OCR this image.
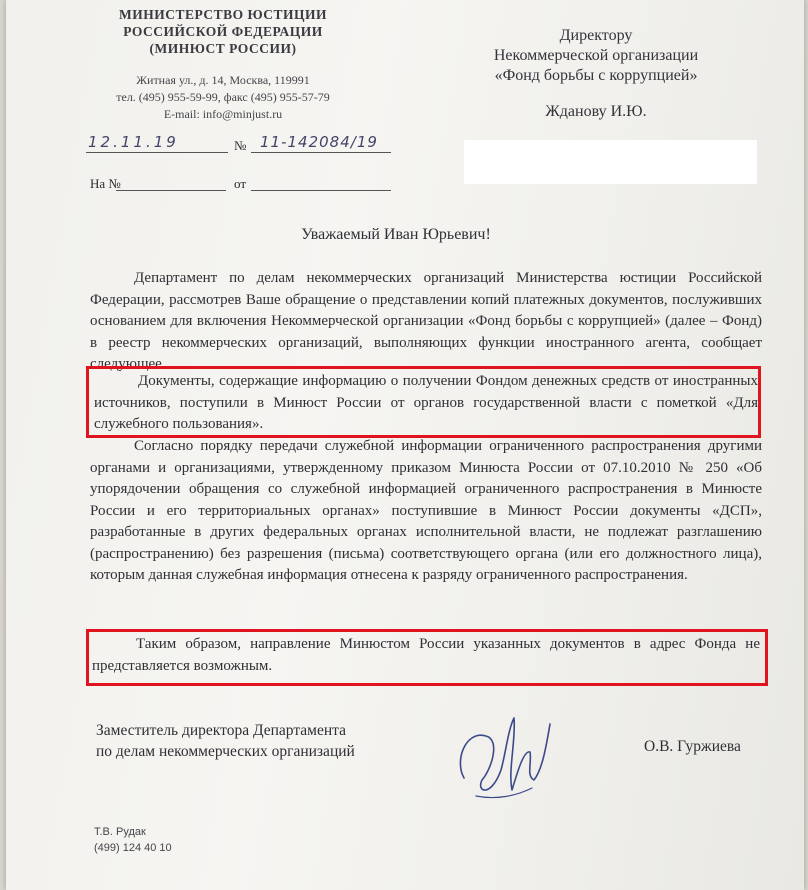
МИНИСТЕРСТВО ЮСТИЦИИ
РОССИЙСКОЙ ФЕДЕРАЦИИ
(МИНЮСТ РОССИИ)
Житная ул., д. 14, Москва, 119991
тел. (495) 955-59-99, факс (495) 955-57-79
E-mail: info@minjust.ru
12.11.19	№ 11-142084/19
На №	от
Директору
Некоммерческой организации
«Фонд борьбы с коррупцией»
Жданову И.Ю.
Уважаемый Иван Юрьевич!
Департамент по делам некоммерческих организаций Министерства юстиции Российской Федерации, рассмотрев Ваше обращение о представлении копий платежных документов, послуживших основанием для включения Некоммерческой организации «Фонд борьбы с коррупцией» (далее – Фонд) в реестр некоммерческих организаций, выполняющих функции иностранного агента, сообщает следующее.
Документы, содержащие информацию о получении Фондом денежных средств от иностранных источников, поступили в Минюст России от органов государственной власти с пометкой «Для служебного пользования».
Согласно порядку передачи служебной информации ограниченного распространения другими органами и организациями, утвержденному приказом Минюста России от 07.10.2010 № 250 «Об упорядочении обращения со служебной информацией ограниченного распространения в Минюсте России и его территориальных органах» поступившие в Минюст России документы «ДСП», разработанные в других федеральных органах исполнительной власти, не подлежат разглашению (распространению) без разрешения (письма) соответствующего органа (или его должностного лица), которым данная служебная информация отнесена к разряду ограниченного распространения.
Таким образом, направление Минюстом России указанных документов в адрес Фонда не представляется возможным.
Заместитель директора Департамента
по делам некоммерческих организаций	О.В. Гуржиева
Т.В. Рудак
(499) 124 40 10
